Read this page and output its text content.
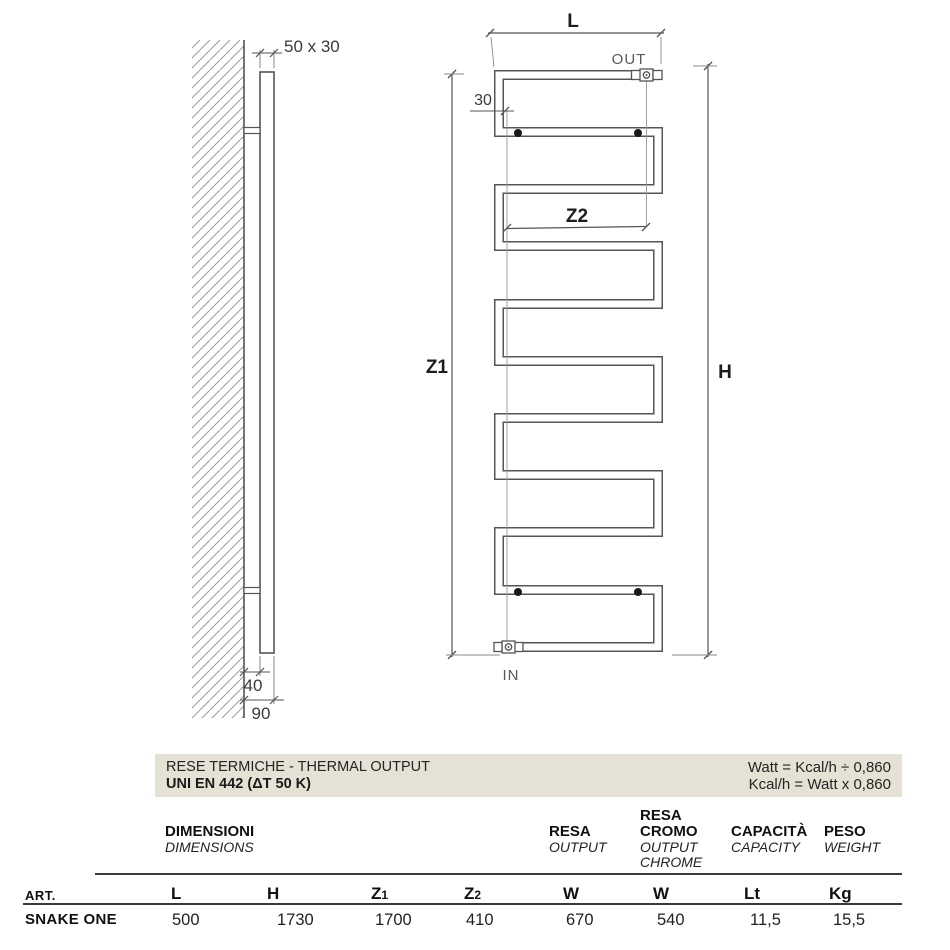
50 x 30
40
90
OUT
IN
L
H
Z1
Z2
30
RESE TERMICHE - THERMAL OUTPUT
UNI EN 442 (ΔT 50 K)
Watt = Kcal/h ÷ 0,860
Kcal/h = Watt x 0,860
DIMENSIONI
DIMENSIONS
RESA
OUTPUT
RESA CROMO
OUTPUT CHROME
CAPACITÀ
CAPACITY
PESO
WEIGHT
ART.	L	H	Z1	Z2	W	W	Lt	Kg
SNAKE ONE	500	1730	1700	410	670	540	11,5	15,5
